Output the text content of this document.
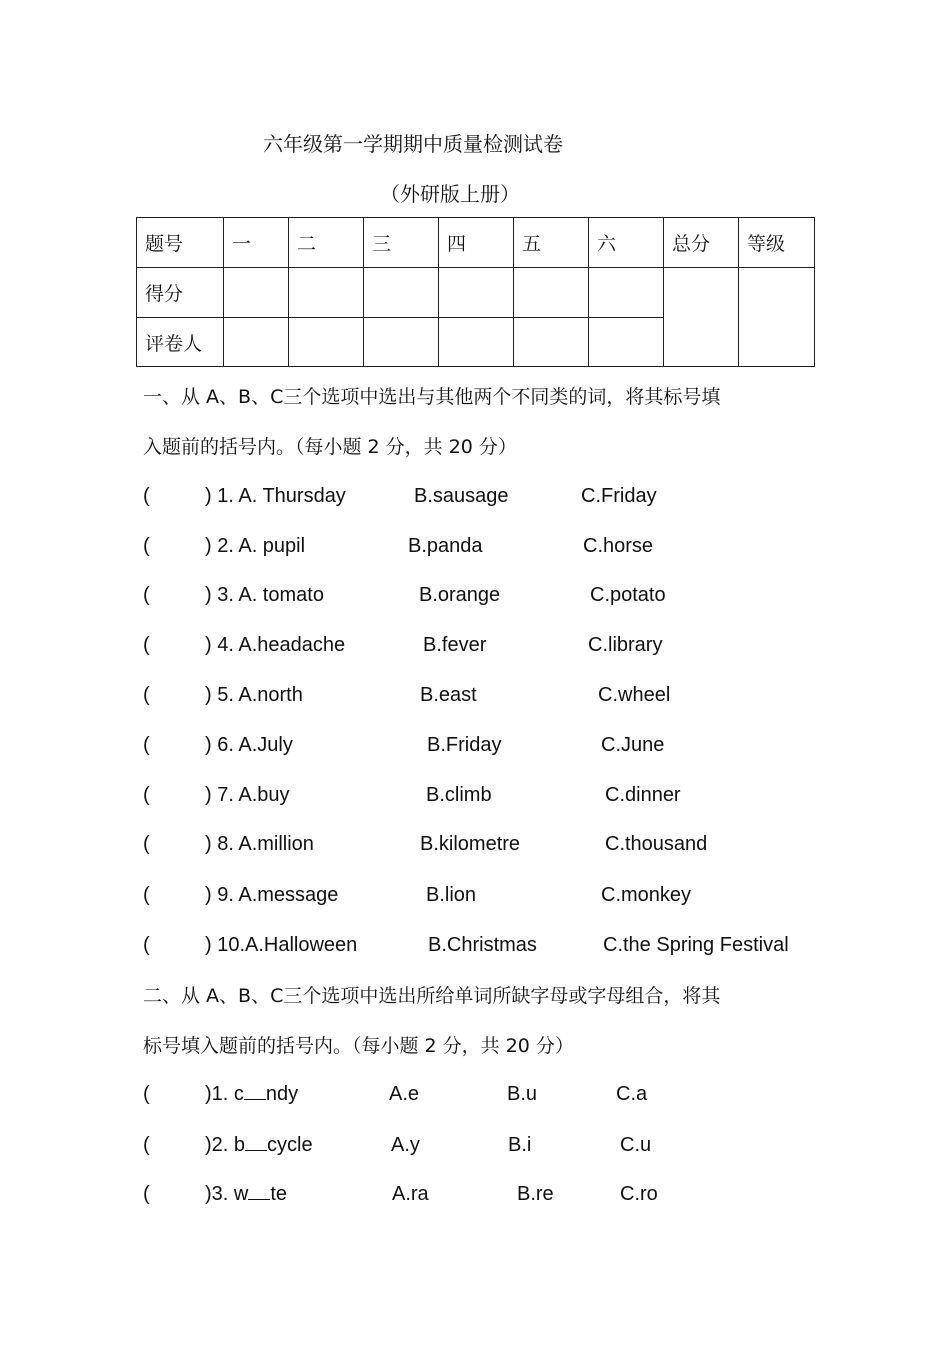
六年级第一学期期中质量检测试卷
（外研版上册）
题号	一	二	三	四	五	六	总分	等级
得分								
评卷人								
一、从 A、B、C三个选项中选出与其他两个不同类的词，将其标号填
入题前的括号内。（每小题 2 分，共 20 分）
(	) 1. A. Thursday	B.sausage	C.Friday
(	) 2. A. pupil	B.panda	C.horse
(	) 3. A. tomato	B.orange	C.potato
(	) 4. A.headache	B.fever	C.library
(	) 5. A.north	B.east	C.wheel
(	) 6. A.July	B.Friday	C.June
(	) 7. A.buy	B.climb	C.dinner
(	) 8. A.million	B.kilometre	C.thousand
(	) 9. A.message	B.lion	C.monkey
(	) 10.A.Halloween	B.Christmas	C.the Spring Festival
二、从 A、B、C三个选项中选出所给单词所缺字母或字母组合，将其
标号填入题前的括号内。（每小题 2 分，共 20 分）
(	)1. c ndy	A.e	B.u	C.a
(	)2. b cycle	A.y	B.i	C.u
(	)3. w te	A.ra	B.re	C.ro
